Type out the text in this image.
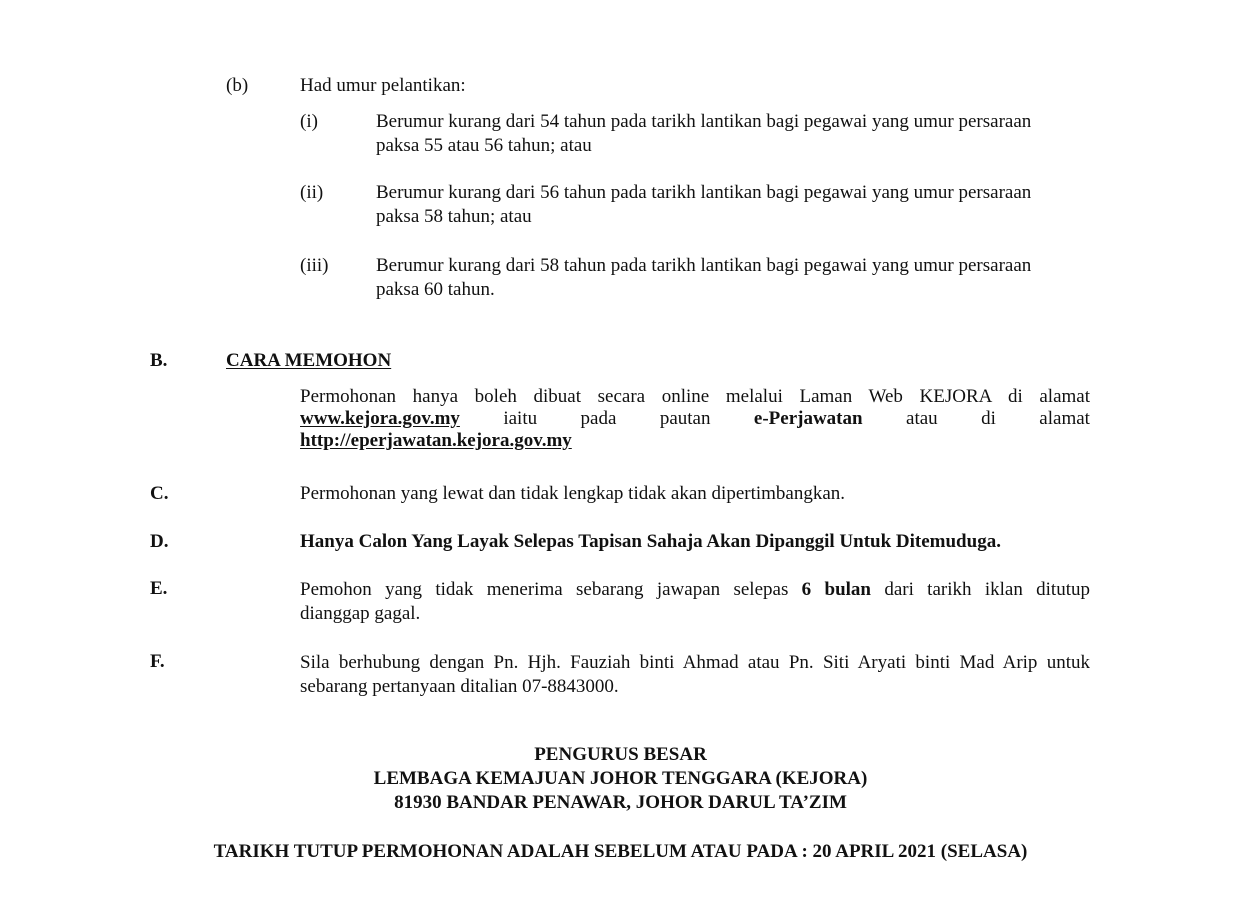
(b)	Had umur pelantikan:
(i)	Berumur kurang dari 54 tahun pada tarikh lantikan bagi pegawai yang umur persaraan
paksa 55 atau 56 tahun; atau
(ii)	Berumur kurang dari 56 tahun pada tarikh lantikan bagi pegawai yang umur persaraan
paksa 58 tahun; atau
(iii)	Berumur kurang dari 58 tahun pada tarikh lantikan bagi pegawai yang umur persaraan
paksa 60 tahun.
B.	CARA MEMOHON
Permohonan hanya boleh dibuat secara online melalui Laman Web KEJORA di alamat
www.kejora.gov.my iaitu pada pautan e-Perjawatan atau di alamat
http://eperjawatan.kejora.gov.my
C.	Permohonan yang lewat dan tidak lengkap tidak akan dipertimbangkan.
D.	Hanya Calon Yang Layak Selepas Tapisan Sahaja Akan Dipanggil Untuk Ditemuduga.
E.	Pemohon yang tidak menerima sebarang jawapan selepas 6 bulan dari tarikh iklan ditutup
dianggap gagal.
F.	Sila berhubung dengan Pn. Hjh. Fauziah binti Ahmad atau Pn. Siti Aryati binti Mad Arip untuk
sebarang pertanyaan ditalian 07-8843000.
PENGURUS BESAR
LEMBAGA KEMAJUAN JOHOR TENGGARA (KEJORA)
81930 BANDAR PENAWAR, JOHOR DARUL TA’ZIM
TARIKH TUTUP PERMOHONAN ADALAH SEBELUM ATAU PADA : 20 APRIL 2021 (SELASA)
